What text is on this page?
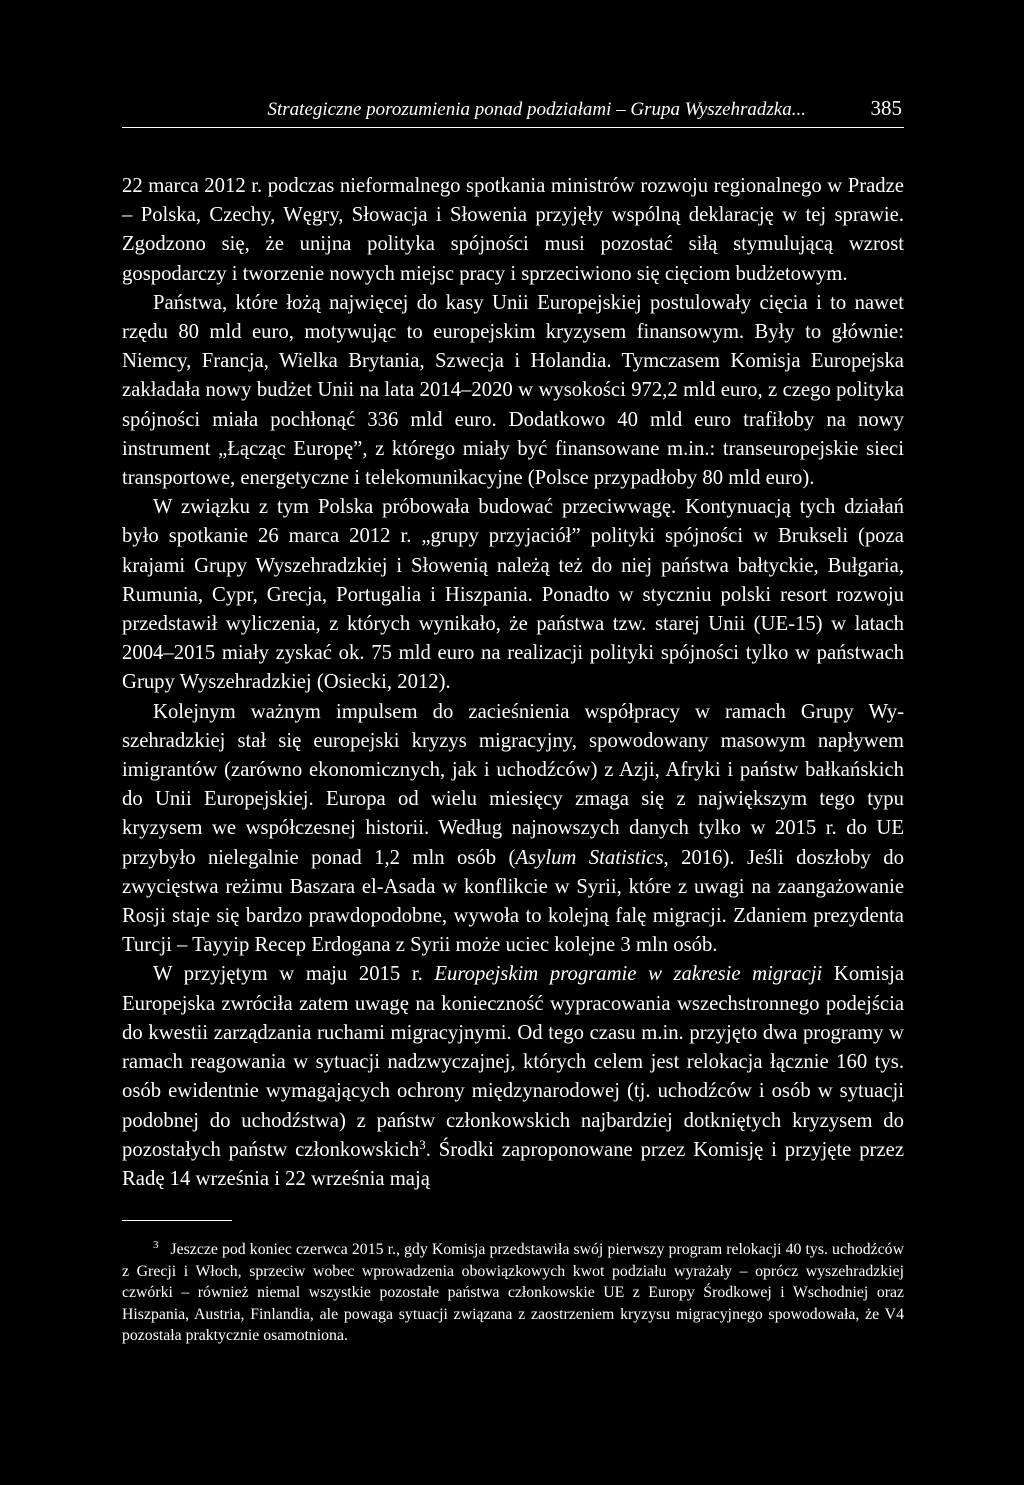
Strategiczne porozumienia ponad podziałami – Grupa Wyszehradzka...	385

22 marca 2012 r. podczas nieformalnego spotkania ministrów rozwoju regionalnego w Pradze – Polska, Czechy, Węgry, Słowacja i Słowenia przyjęły wspólną deklarację w tej sprawie. Zgodzono się, że unijna polityka spójności musi pozostać siłą stymulującą wzrost gospodarczy i tworzenie nowych miejsc pracy i sprzeciwiono się cięciom budżetowym.

Państwa, które łożą najwięcej do kasy Unii Europejskiej postulowały cięcia i to nawet rzędu 80 mld euro, motywując to europejskim kryzysem finansowym. Były to głównie: Niemcy, Francja, Wielka Brytania, Szwecja i Holandia. Tymczasem Komisja Europejska zakładała nowy budżet Unii na lata 2014–2020 w wysokości 972,2 mld euro, z czego polityka spójności miała pochłonąć 336 mld euro. Dodatkowo 40 mld euro trafiłoby na nowy instrument „Łącząc Europę”, z którego miały być finansowane m.in.: transeuropejskie sieci transportowe, energetyczne i telekomunikacyjne (Polsce przypadłoby 80 mld euro).

W związku z tym Polska próbowała budować przeciwwagę. Kontynuacją tych działań było spotkanie 26 marca 2012 r. „grupy przyjaciół” polityki spójności w Brukseli (poza krajami Grupy Wyszehradzkiej i Słowenią należą też do niej państwa bałtyckie, Bułgaria, Rumunia, Cypr, Grecja, Portugalia i Hiszpania. Ponadto w styczniu polski resort rozwoju przedstawił wyliczenia, z których wynikało, że państwa tzw. starej Unii (UE-15) w latach 2004–2015 miały zyskać ok. 75 mld euro na realizacji polityki spójności tylko w państwach Grupy Wyszehradzkiej (Osiecki, 2012).

Kolejnym ważnym impulsem do zacieśnienia współpracy w ramach Grupy Wyszehradzkiej stał się europejski kryzys migracyjny, spowodowany masowym napływem imigrantów (zarówno ekonomicznych, jak i uchodźców) z Azji, Afryki i państw bałkańskich do Unii Europejskiej. Europa od wielu miesięcy zmaga się z największym tego typu kryzysem we współczesnej historii. Według najnowszych danych tylko w 2015 r. do UE przybyło nielegalnie ponad 1,2 mln osób (Asylum Statistics, 2016). Jeśli doszłoby do zwycięstwa reżimu Baszara el-Asada w konflikcie w Syrii, które z uwagi na zaangażowanie Rosji staje się bardzo prawdopodobne, wywoła to kolejną falę migracji. Zdaniem prezydenta Turcji – Tayyip Recep Erdogana z Syrii może uciec kolejne 3 mln osób.

W przyjętym w maju 2015 r. Europejskim programie w zakresie migracji Komisja Europejska zwróciła zatem uwagę na konieczność wypracowania wszechstronnego podejścia do kwestii zarządzania ruchami migracyjnymi. Od tego czasu m.in. przyjęto dwa programy w ramach reagowania w sytuacji nadzwyczajnej, których celem jest relokacja łącznie 160 tys. osób ewidentnie wymagających ochrony międzynarodowej (tj. uchodźców i osób w sytuacji podobnej do uchodźstwa) z państw członkowskich najbardziej dotkniętych kryzysem do pozostałych państw członkowskich$^3$. Środki zaproponowane przez Komisję i przyjęte przez Radę 14 września i 22 września mają

$^3$ Jeszcze pod koniec czerwca 2015 r., gdy Komisja przedstawiła swój pierwszy program relokacji 40 tys. uchodźców z Grecji i Włoch, sprzeciw wobec wprowadzenia obowiązkowych kwot podziału wyrażały – oprócz wyszehradzkiej czwórki – również niemal wszystkie pozostałe państwa członkowskie UE z Europy Środkowej i Wschodniej oraz Hiszpania, Austria, Finlandia, ale powaga sytuacji związana z zaostrzeniem kryzysu migracyjnego spowodowała, że V4 pozostała praktycznie osamotniona.
